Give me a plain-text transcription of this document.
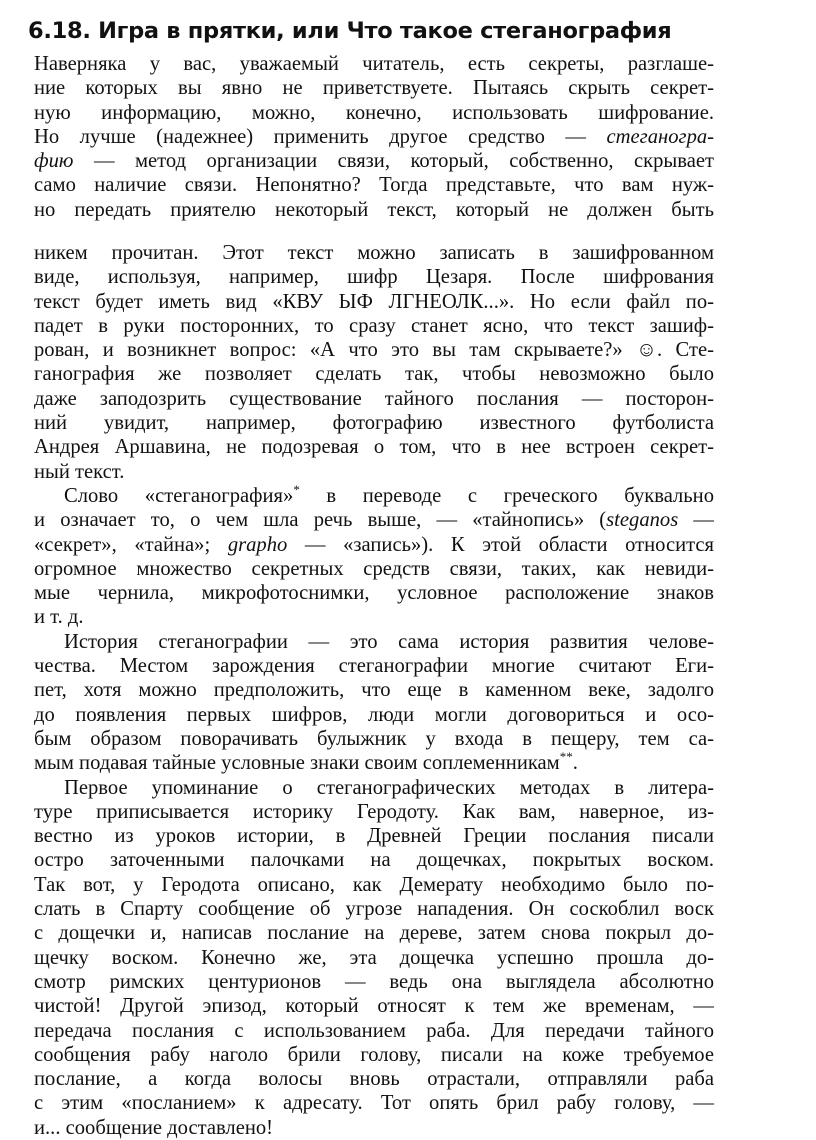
6.18. Игра в прятки, или Что такое стеганография
Наверняка у вас, уважаемый читатель, есть секреты, разглаше-
ние которых вы явно не приветствуете. Пытаясь скрыть секрет-
ную информацию, можно, конечно, использовать шифрование.
Но лучше (надежнее) применить другое средство — стеганогра-
фию — метод организации связи, который, собственно, скрывает
само наличие связи. Непонятно? Тогда представьте, что вам нуж-
но передать приятелю некоторый текст, который не должен быть
никем прочитан. Этот текст можно записать в зашифрованном
виде, используя, например, шифр Цезаря. После шифрования
текст будет иметь вид «КВУ ЫФ ЛГНЕОЛК...». Но если файл по-
падет в руки посторонних, то сразу станет ясно, что текст зашиф-
рован, и возникнет вопрос: «А что это вы там скрываете?» ☺. Сте-
ганография же позволяет сделать так, чтобы невозможно было
даже заподозрить существование тайного послания — посторон-
ний увидит, например, фотографию известного футболиста
Андрея Аршавина, не подозревая о том, что в нее встроен секрет-
ный текст.
Слово «стеганография»* в переводе с греческого буквально
и означает то, о чем шла речь выше, — «тайнопись» (steganos —
«секрет», «тайна»; grapho — «запись»). К этой области относится
огромное множество секретных средств связи, таких, как невиди-
мые чернила, микрофотоснимки, условное расположение знаков
и т. д.
История стеганографии — это сама история развития челове-
чества. Местом зарождения стеганографии многие считают Еги-
пет, хотя можно предположить, что еще в каменном веке, задолго
до появления первых шифров, люди могли договориться и осо-
бым образом поворачивать булыжник у входа в пещеру, тем са-
мым подавая тайные условные знаки своим соплеменникам**.
Первое упоминание о стеганографических методах в литера-
туре приписывается историку Геродоту. Как вам, наверное, из-
вестно из уроков истории, в Древней Греции послания писали
остро заточенными палочками на дощечках, покрытых воском.
Так вот, у Геродота описано, как Демерату необходимо было по-
слать в Спарту сообщение об угрозе нападения. Он соскоблил воск
с дощечки и, написав послание на дереве, затем снова покрыл до-
щечку воском. Конечно же, эта дощечка успешно прошла до-
смотр римских центурионов — ведь она выглядела абсолютно
чистой! Другой эпизод, который относят к тем же временам, —
передача послания с использованием раба. Для передачи тайного
сообщения рабу наголо брили голову, писали на коже требуемое
послание, а когда волосы вновь отрастали, отправляли раба
с этим «посланием» к адресату. Тот опять брил рабу голову, —
и... сообщение доставлено!
